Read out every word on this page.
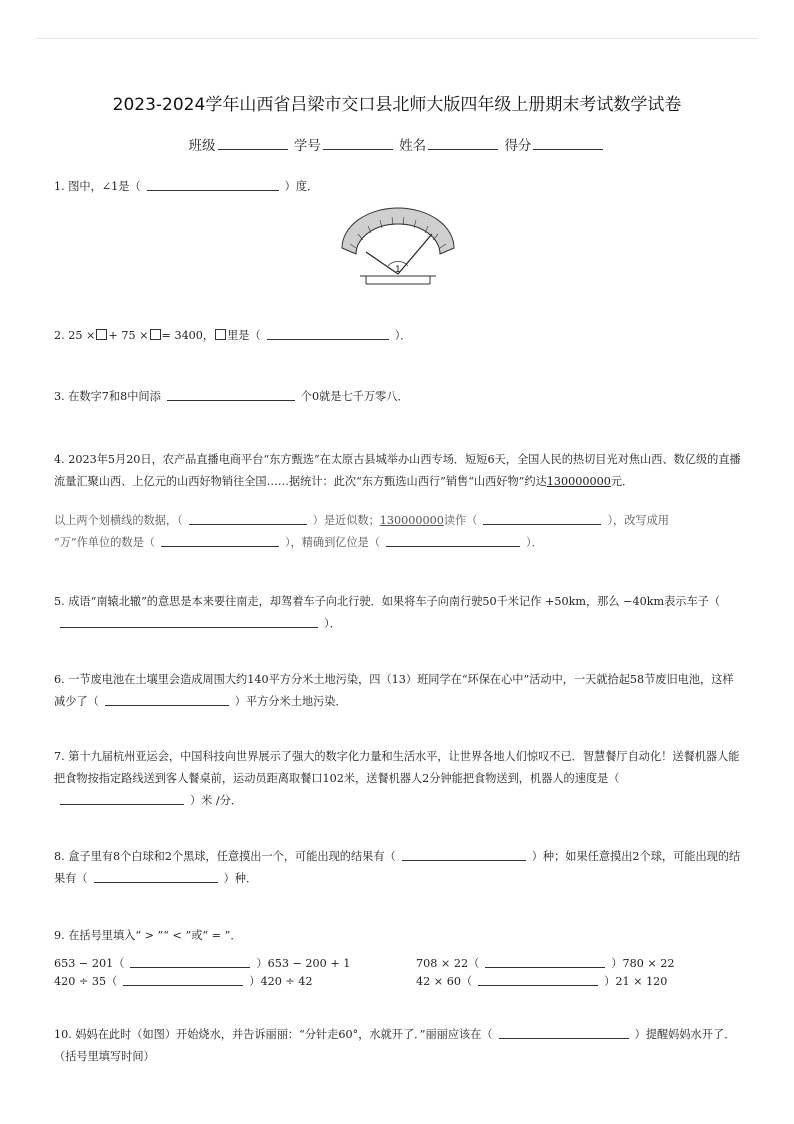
2023-2024学年山西省吕梁市交口县北师大版四年级上册期末考试数学试卷
班级	学号	姓名	得分
1. 图中，∠1是（	）度．
1
2. 25 × + 75 × = 3400， 里是（	）．
3. 在数字7和8中间添	个0就是七千万零八．
4. 2023年5月20日，农产品直播电商平台“东方甄选”在太原古县城举办山西专场．短短6天，全国人民的热切目光对焦山西、数亿级的直播流量汇聚山西、上亿元的山西好物销往全国……据统计：此次“东方甄选山西行”销售“山西好物”约达130000000元．
以上两个划横线的数据，（	）是近似数；130000000读作（	），改写成用
“万”作单位的数是（	），精确到亿位是（	）．
5. 成语“南辕北辙”的意思是本来要往南走，却驾着车子向北行驶．如果将车子向南行驶50千米记作 +50km，那么 −40km表示车子（）．
6. 一节废电池在土壤里会造成周围大约140平方分米土地污染，四（13）班同学在“环保在心中”活动中，一天就拾起58节废旧电池，这样减少了（	）平方分米土地污染．
7. 第十九届杭州亚运会，中国科技向世界展示了强大的数字化力量和生活水平，让世界各地人们惊叹不已．智慧餐厅自动化！送餐机器人能把食物按指定路线送到客人餐桌前，运动员距离取餐口102米，送餐机器人2分钟能把食物送到，机器人的速度是（）米 /分．
8. 盒子里有8个白球和2个黑球，任意摸出一个，可能出现的结果有（	）种；如果任意摸出2个球，可能出现的结果有（	）种．
9. 在括号里填入“ > ”“ < ”或“ = ”．
653 − 201（	）653 − 200 + 1	708 × 22（	）780 × 22
420 ÷ 35（	）420 ÷ 42	42 × 60（	）21 × 120
10. 妈妈在此时（如图）开始烧水，并告诉丽丽：“分针走60°，水就开了．”丽丽应该在（	）提醒妈妈水开了．（括号里填写时间）
